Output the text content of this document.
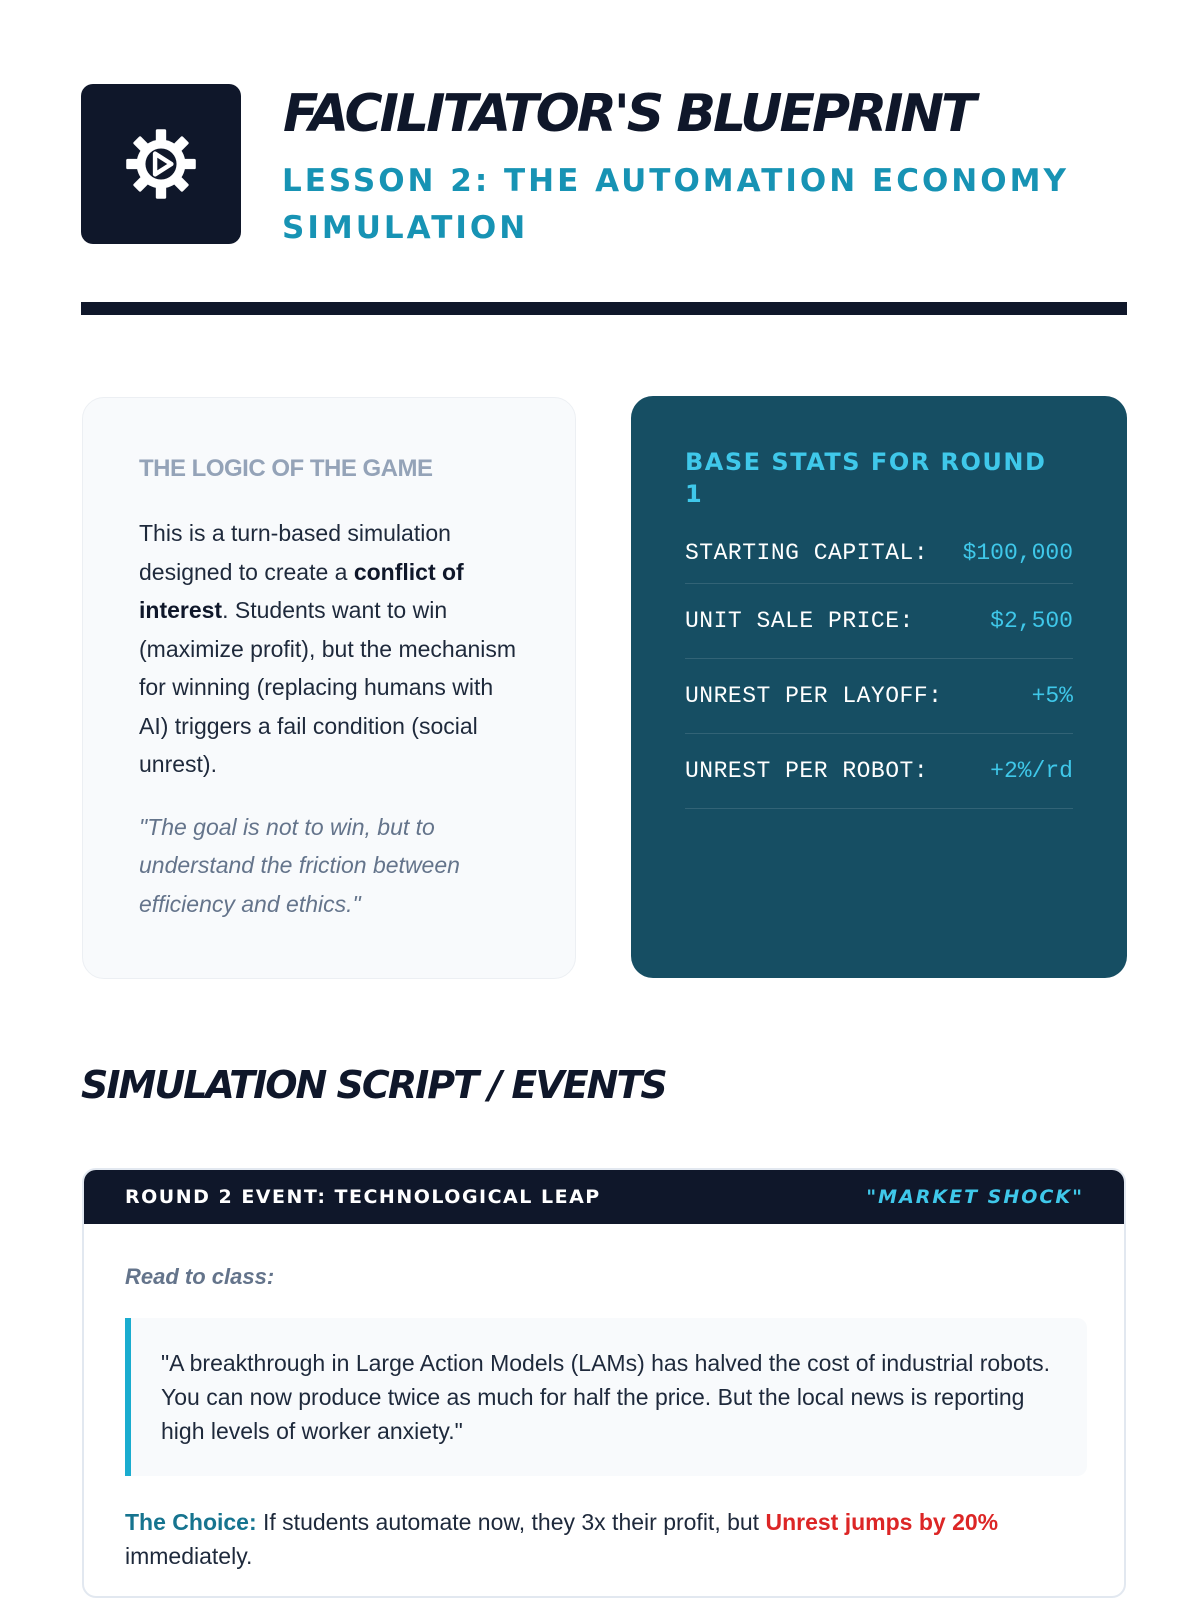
FACILITATOR'S BLUEPRINT
LESSON 2: THE AUTOMATION ECONOMY SIMULATION
THE LOGIC OF THE GAME

This is a turn-based simulation designed to create a conflict of interest. Students want to win (maximize profit), but the mechanism for winning (replacing humans with AI) triggers a fail condition (social unrest).

"The goal is not to win, but to understand the friction between efficiency and ethics."

BASE STATS FOR ROUND 1
STARTING CAPITAL: $100,000
UNIT SALE PRICE:	$2,500
UNREST PER LAYOFF:	+5%
UNREST PER ROBOT:	+2%/rd
SIMULATION SCRIPT / EVENTS
ROUND 2 EVENT: TECHNOLOGICAL LEAP	"MARKET SHOCK"
Read to class:
"A breakthrough in Large Action Models (LAMs) has halved the cost of industrial robots. You can now produce twice as much for half the price. But the local news is reporting high levels of worker anxiety."

The Choice: If students automate now, they 3x their profit, but Unrest jumps by 20% immediately.
